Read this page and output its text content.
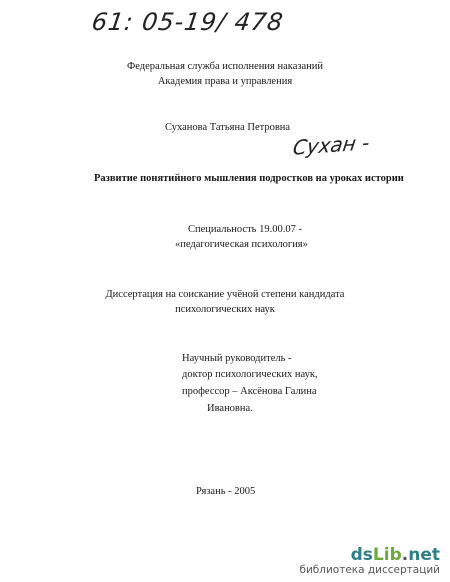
61: 05-19/ 478
Федеральная служба исполнения наказаний
Академия права и управления
Суханова Татьяна Петровна
Сухан -
Развитие понятийного мышления подростков на уроках истории
Специальность 19.00.07 -
«педагогическая психология»
Диссертация на соискание учёной степени кандидата
психологических наук
Научный руководитель -
доктор психологических наук,
профессор – Аксёнова Галина
Ивановна.
Рязань - 2005
dsLib.net
библиотека диссертаций
